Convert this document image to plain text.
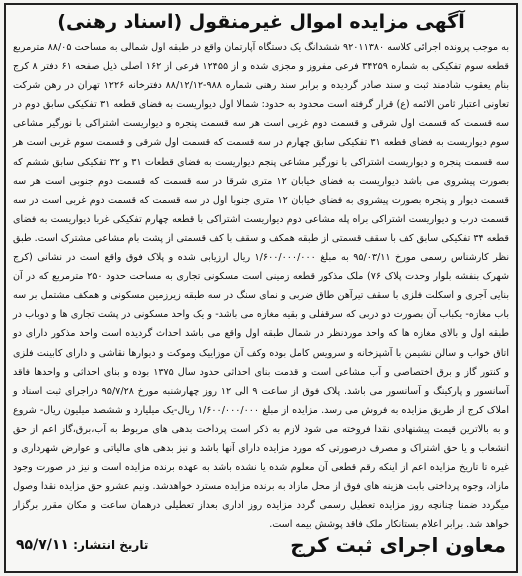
آگهی مزایده اموال غیرمنقول (اسناد رهنی)

به موجب پرونده اجرائی کلاسه ۹۲۰۱۱۳۸۰ ششدانگ یک دستگاه آپارتمان واقع در طبقه اول شمالی به مساحت ۸۸/۰۵ مترمربع قطعه سوم تفکیکی به شماره ۳۴۲۵۹ فرعی مفروز و مجزی شده و از ۱۲۴۵۵ فرعی از ۱۶۲ اصلی ذیل صفحه ۶۱ دفتر ۸ کرج بنام یعقوب شادمند ثبت و سند صادر گردیده و برابر سند رهنی شماره ۹۸۸-۸۸/۱۲/۱۲ دفترخانه ۱۲۲۶ تهران در رهن شرکت تعاونی اعتبار ثامن الائمه (ع) قرار گرفته است محدود به حدود: شمالا اول دیواریست به فضای قطعه ۳۱ تفکیکی سابق دوم در سه قسمت که قسمت اول شرقی و قسمت دوم غربی است هر سه قسمت پنجره و دیواریست اشتراکی با نورگیر مشاعی سوم دیواریست به فضای قطعه ۳۱ تفکیکی سابق چهارم در سه قسمت که قسمت اول شرقی و قسمت سوم غربی است هر سه قسمت پنجره و دیواریست اشتراکی با نورگیر مشاعی پنجم دیواریست به فضای قطعات ۳۱ و ۳۲ تفکیکی سابق ششم که بصورت پیشروی می باشد دیواریست به فضای خیابان ۱۲ متری شرقا در سه قسمت که قسمت دوم جنوبی است هر سه قسمت دیوار و پنجره بصورت پیشروی به فضای خیابان ۱۲ متری جنوبا اول در سه قسمت که قسمت دوم غربی است در سه قسمت درب و دیواریست اشتراکی براه پله مشاعی دوم دیواریست اشتراکی با قطعه چهارم تفکیکی غربا دیواریست به فضای قطعه ۳۴ تفکیکی سابق کف با سقف قسمتی از طبقه همکف و سقف با کف قسمتی از پشت بام مشاعی مشترک است. طبق نظر کارشناس رسمی مورخ ۹۵/۰۳/۱۱ به مبلغ ۱/۶۰۰/۰۰۰/۰۰۰ ریال ارزیابی شده و پلاک فوق واقع است در نشانی (کرج شهرک بنفشه بلوار وحدت پلاک ۷۶) ملک مذکور قطعه زمینی است مسکونی تجاری به مساحت حدود ۲۵۰ مترمربع که در آن بنایی آجری و اسکلت فلزی با سقف تیرآهن طاق ضربی و نمای سنگ در سه طبقه زیرزمین مسکونی و همکف مشتمل بر سه باب مغازه- یکباب آن بصورت دو دربی که سرقفلی و بقیه مغازه می باشد- و یک واحد مسکونی در پشت تجاری ها و دوباب در طبقه اول و بالای مغازه ها که واحد موردنظر در شمال طبقه اول واقع می باشد احداث گردیده است واحد مذکور دارای دو اتاق خواب و سالن نشیمن با آشپزخانه و سرویس کامل بوده وکف آن موزاییک وموکت و دیوارها نقاشی و دارای کابینت فلزی و کنتور گاز و برق اختصاصی و آب مشاعی است و قدمت بنای احداثی حدود سال ۱۳۷۵ بوده و بنای احداثی و واحدها فاقد آسانسور و پارکینگ و آسانسور می باشد. پلاک فوق از ساعت ۹ الی ۱۲ روز چهارشنبه مورخ ۹۵/۷/۲۸ دراجرای ثبت اسناد و املاک کرج از طریق مزایده به فروش می رسد. مزایده از مبلغ ۱/۶۰۰/۰۰۰/۰۰۰ ریال-یک میلیارد و ششصد میلیون ریال- شروع و به بالاترین قیمت پیشنهادی نقدا فروخته می شود لازم به ذکر است پرداخت بدهی های مربوط به آب،برق،گاز اعم از حق انشعاب و یا حق اشتراک و مصرف درصورتی که مورد مزایده دارای آنها باشد و نیز بدهی های مالیاتی و عوارض شهرداری و غیره تا تاریخ مزایده اعم از اینکه رقم قطعی آن معلوم شده یا نشده باشد به عهده برنده مزایده است و نیز در صورت وجود مازاد، وجوه پرداختی بابت هزینه های فوق از محل مازاد به برنده مزایده مسترد خواهدشد. ونیم عشرو حق مزایده نقدا وصول میگردد ضمنا چنانچه روز مزایده تعطیل رسمی گردد مزایده روز اداری بعداز تعطیلی درهمان ساعت و مکان مقرر برگزار خواهد شد. برابر اعلام بستانکار ملک فاقد پوشش بیمه است.

معاون اجرای ثبت کرج
تاریخ انتشار: ۹۵/۷/۱۱
